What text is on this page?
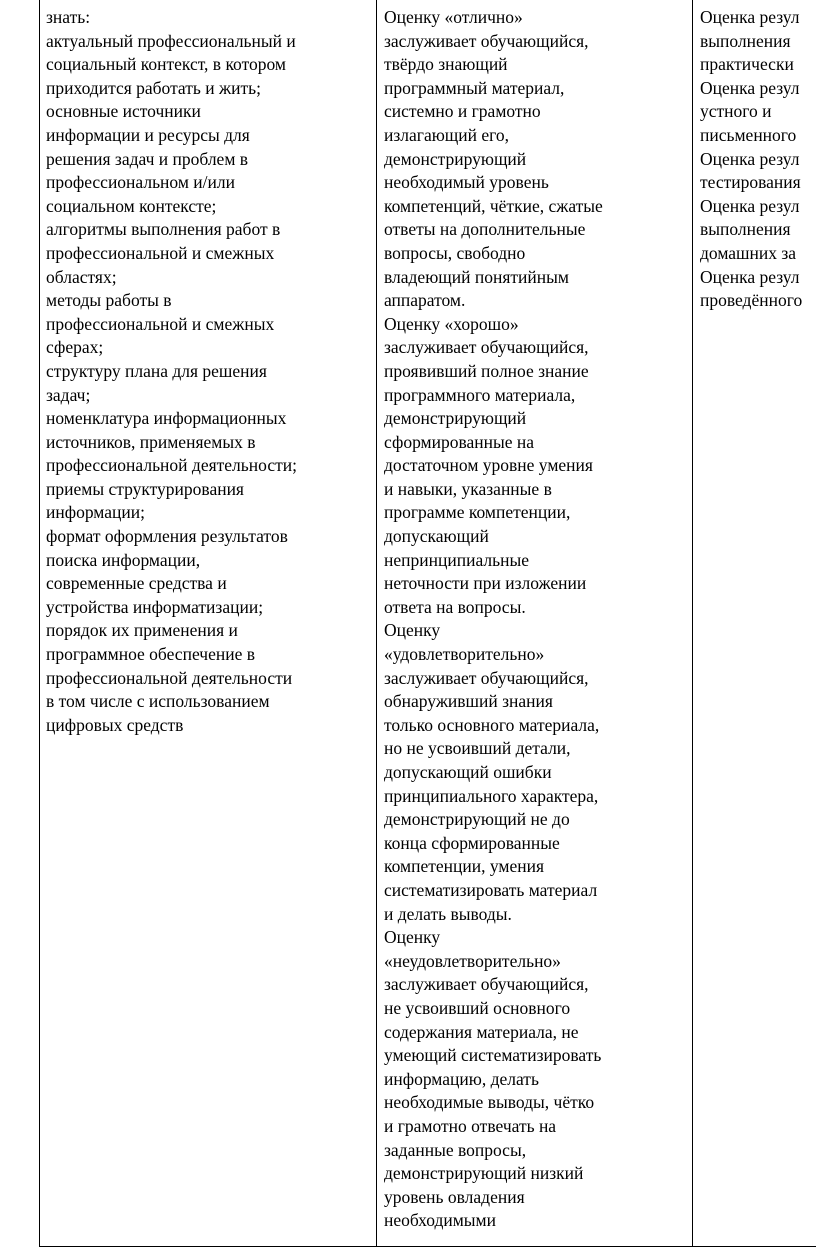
знать:
актуальный профессиональный и
социальный контекст, в котором
приходится работать и жить;
основные источники
информации и ресурсы для
решения задач и проблем в
профессиональном и/или
социальном контексте;
алгоритмы выполнения работ в
профессиональной и смежных
областях;
методы работы в
профессиональной и смежных
сферах;
структуру плана для решения
задач;
номенклатура информационных
источников, применяемых в
профессиональной деятельности;
приемы структурирования
информации;
формат оформления результатов
поиска информации,
современные средства и
устройства информатизации;
порядок их применения и
программное обеспечение в
профессиональной деятельности
в том числе с использованием
цифровых средств
Оценку «отлично»
заслуживает обучающийся,
твёрдо знающий
программный материал,
системно и грамотно
излагающий его,
демонстрирующий
необходимый уровень
компетенций, чёткие, сжатые
ответы на дополнительные
вопросы, свободно
владеющий понятийным
аппаратом.
Оценку «хорошо»
заслуживает обучающийся,
проявивший полное знание
программного материала,
демонстрирующий
сформированные на
достаточном уровне умения
и навыки, указанные в
программе компетенции,
допускающий
непринципиальные
неточности при изложении
ответа на вопросы.
Оценку
«удовлетворительно»
заслуживает обучающийся,
обнаруживший знания
только основного материала,
но не усвоивший детали,
допускающий ошибки
принципиального характера,
демонстрирующий не до
конца сформированные
компетенции, умения
систематизировать материал
и делать выводы.
Оценку
«неудовлетворительно»
заслуживает обучающийся,
не усвоивший основного
содержания материала, не
умеющий систематизировать
информацию, делать
необходимые выводы, чётко
и грамотно отвечать на
заданные вопросы,
демонстрирующий низкий
уровень овладения
необходимыми
Оценка резул
выполнения
практически
Оценка резул
устного и
письменного
Оценка резул
тестирования
Оценка резул
выполнения
домашних за
Оценка резул
проведённого
